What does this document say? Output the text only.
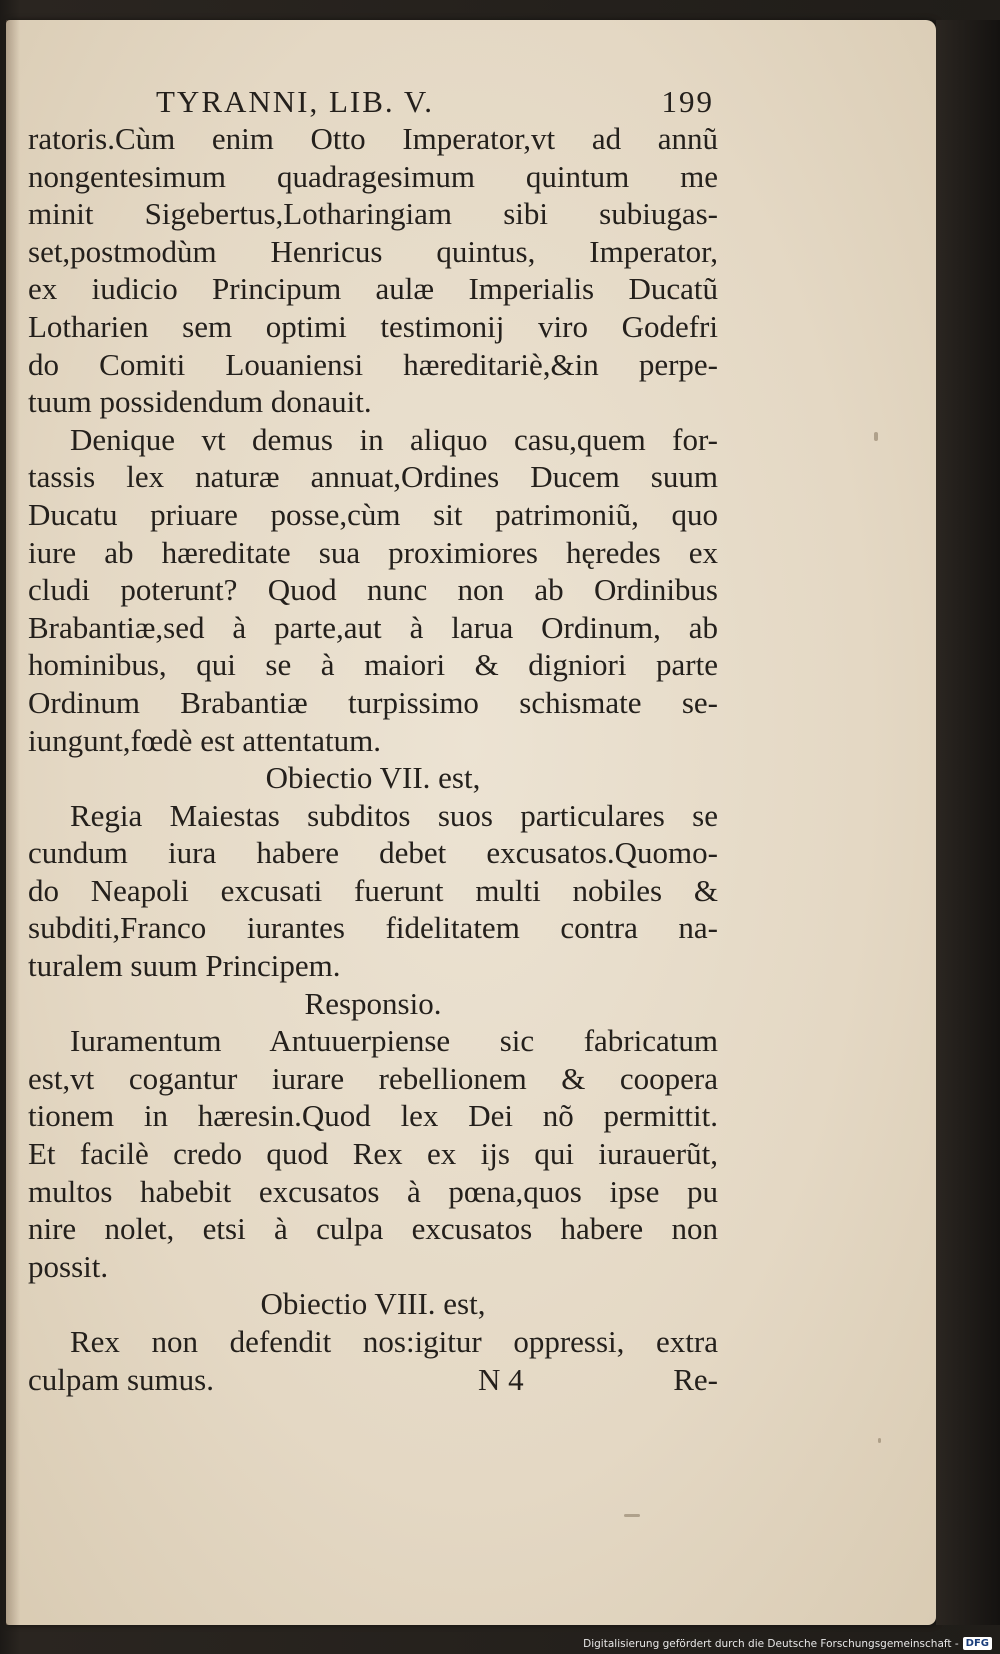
TYRANNI, LIB. V.	199
ratoris.Cùm enim Otto Imperator,vt ad annũ
nongentesimum quadragesimum quintum me
minit Sigebertus,Lotharingiam sibi subiugas-
set,postmodùm Henricus quintus, Imperator,
ex iudicio Principum aulæ Imperialis Ducatũ
Lotharien sem optimi testimonij viro Godefri
do Comiti Louaniensi hæreditariè,&in perpe-
tuum possidendum donauit.
Denique vt demus in aliquo casu,quem for-
tassis lex naturæ annuat,Ordines Ducem suum
Ducatu priuare posse,cùm sit patrimoniũ, quo
iure ab hæreditate sua proximiores hęredes ex
cludi poterunt? Quod nunc non ab Ordinibus
Brabantiæ,sed à parte,aut à larua Ordinum, ab
hominibus, qui se à maiori & digniori parte
Ordinum Brabantiæ turpissimo schismate se-
iungunt,fœdè est attentatum.
Obiectio VII. est,
Regia Maiestas subditos suos particulares se
cundum iura habere debet excusatos.Quomo-
do Neapoli excusati fuerunt multi nobiles &
subditi,Franco iurantes fidelitatem contra na-
turalem suum Principem.
Responsio.
Iuramentum Antuuerpiense sic fabricatum
est,vt cogantur iurare rebellionem & coopera
tionem in hæresin.Quod lex Dei nõ permittit.
Et facilè credo quod Rex ex ijs qui iurauerũt,
multos habebit excusatos à pœna,quos ipse pu
nire nolet, etsi à culpa excusatos habere non
possit.
Obiectio VIII. est,
Rex non defendit nos:igitur oppressi, extra
culpam sumus.	N 4	Re-
Digitalisierung gefördert durch die Deutsche Forschungsgemeinschaft - DFG
